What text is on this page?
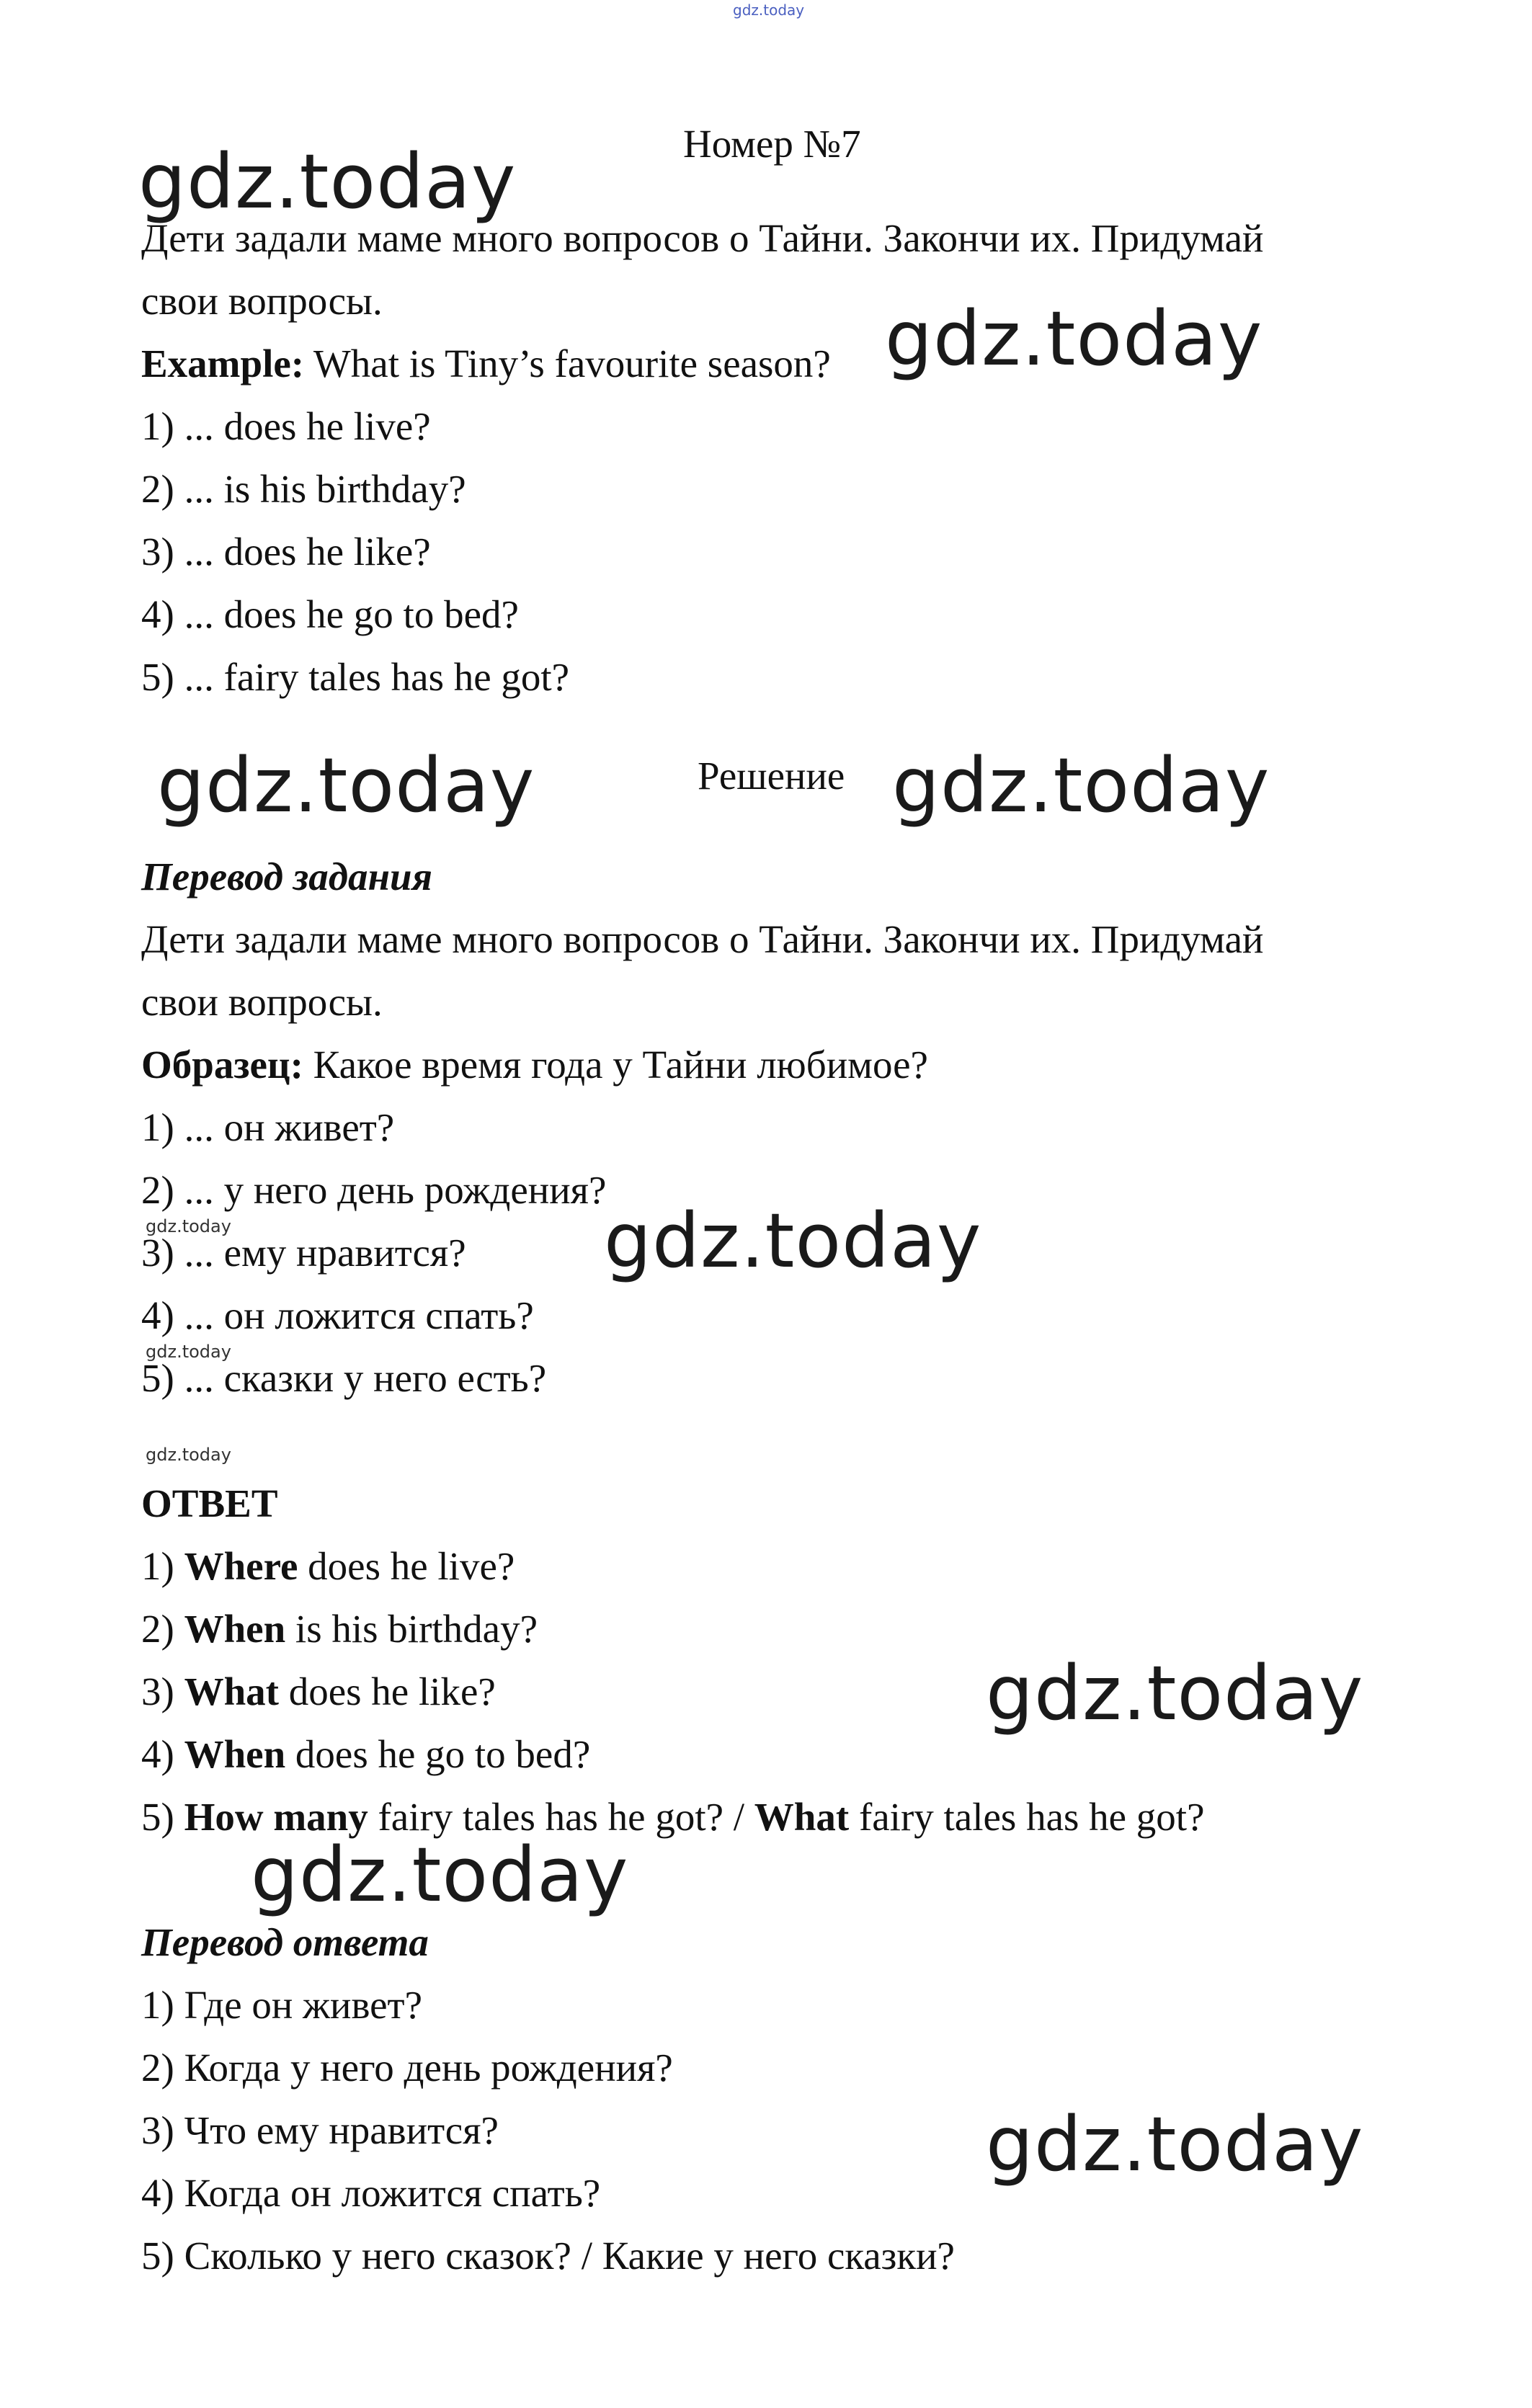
gdz.today
Номер №7
Дети задали маме много вопросов о Тайни. Закончи их. Придумай
свои вопросы.
Example: What is Tiny’s favourite season?
1) ... does he live?
2) ... is his birthday?
3) ... does he like?
4) ... does he go to bed?
5) ... fairy tales has he got?
Решение
Перевод задания
Дети задали маме много вопросов о Тайни. Закончи их. Придумай
свои вопросы.
Образец: Какое время года у Тайни любимое?
1) ... он живет?
2) ... у него день рождения?
3) ... ему нравится?
4) ... он ложится спать?
5) ... сказки у него есть?
ОТВЕТ
1) Where does he live?
2) When is his birthday?
3) What does he like?
4) When does he go to bed?
5) How many fairy tales has he got? / What fairy tales has he got?
Перевод ответа
1) Где он живет?
2) Когда у него день рождения?
3) Что ему нравится?
4) Когда он ложится спать?
5) Сколько у него сказок? / Какие у него сказки?
gdz.today
gdz.today
gdz.today	gdz.today
gdz.today
gdz.today
gdz.today
gdz.today
gdz.today
gdz.today
gdz.today
